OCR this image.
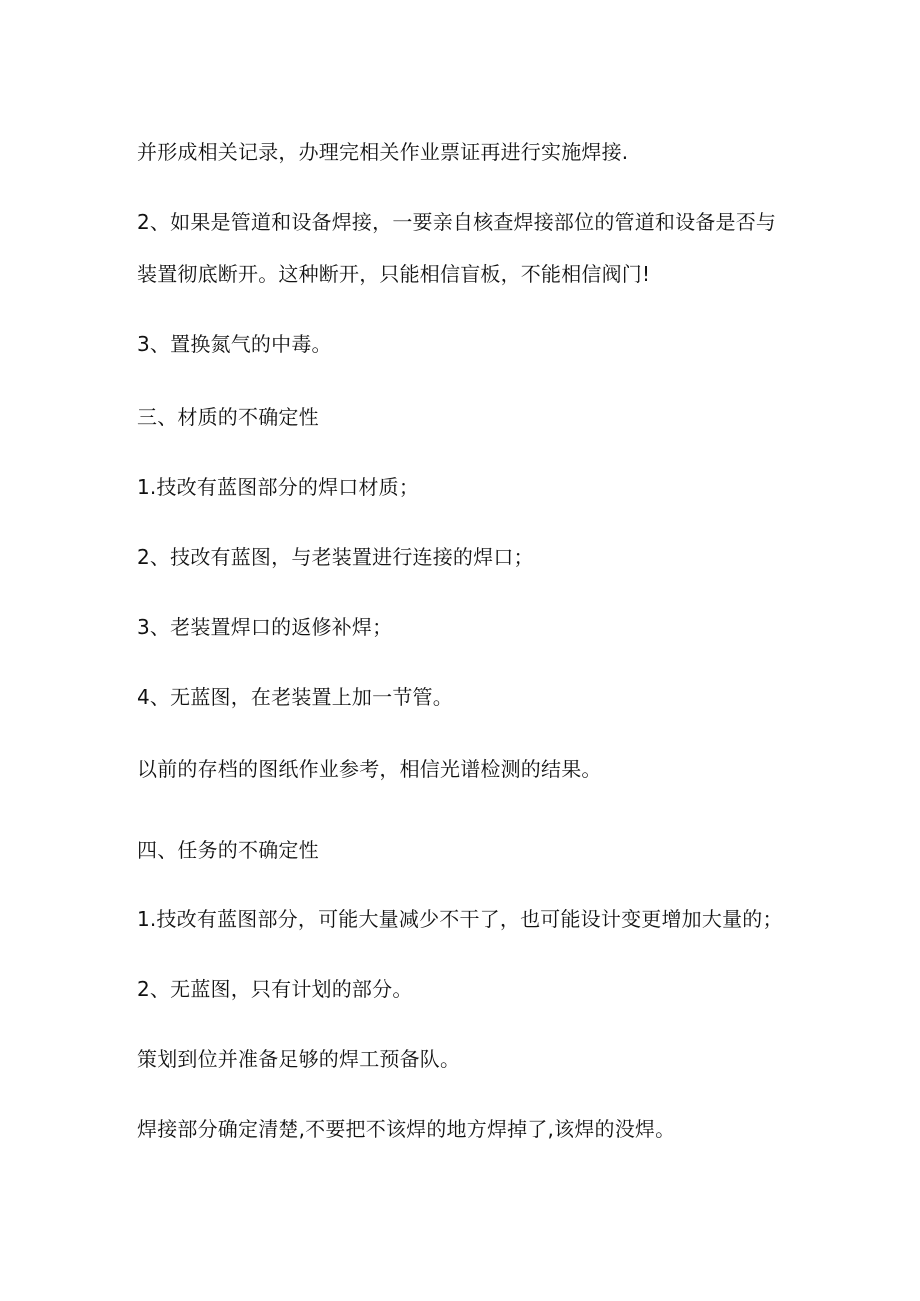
并形成相关记录，办理完相关作业票证再进行实施焊接.

2、如果是管道和设备焊接，一要亲自核查焊接部位的管道和设备是否与

装置彻底断开。这种断开，只能相信盲板，不能相信阀门!

3、置换氮气的中毒。

三、材质的不确定性

1.技改有蓝图部分的焊口材质；

2、技改有蓝图，与老装置进行连接的焊口；

3、老装置焊口的返修补焊；

4、无蓝图，在老装置上加一节管。

以前的存档的图纸作业参考，相信光谱检测的结果。

四、任务的不确定性

1.技改有蓝图部分，可能大量减少不干了，也可能设计变更增加大量的；

2、无蓝图，只有计划的部分。

策划到位并准备足够的焊工预备队。

焊接部分确定清楚,不要把不该焊的地方焊掉了,该焊的没焊。
